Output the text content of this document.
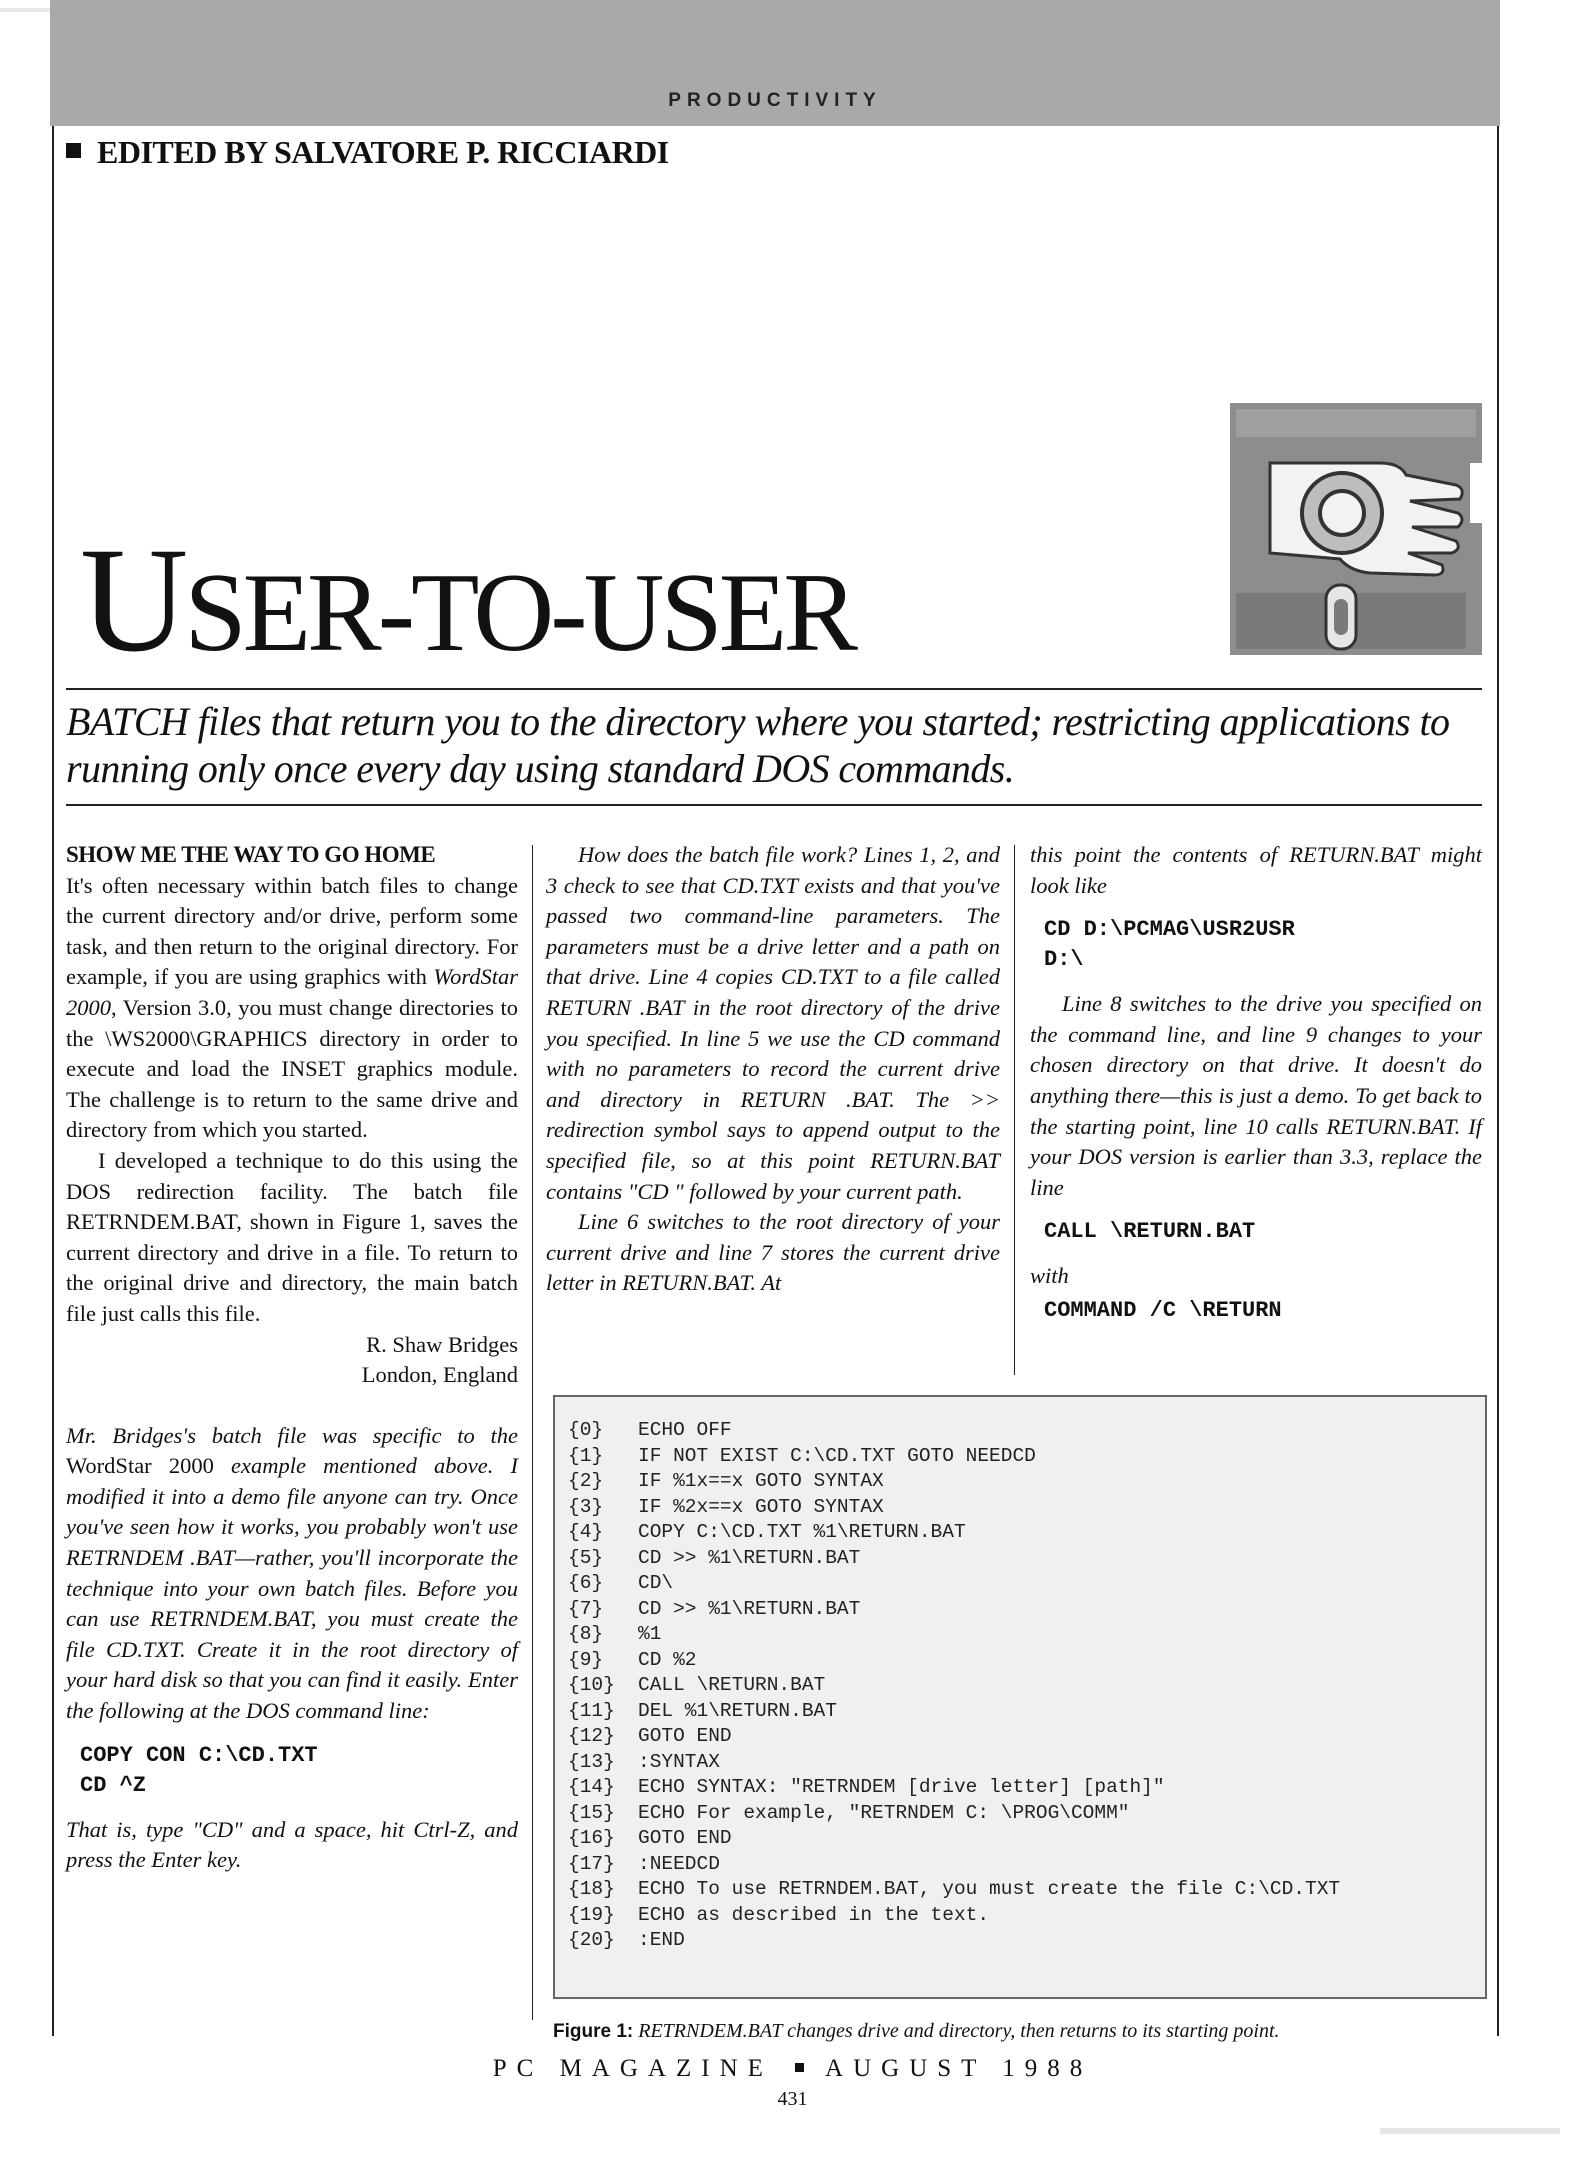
PRODUCTIVITY
EDITED BY SALVATORE P. RICCIARDI
USER-TO-USER
BATCH files that return you to the directory where you started; restricting applications to running only once every day using standard DOS commands.

SHOW ME THE WAY TO GO HOME

It's often necessary within batch files to change the current directory and/or drive, perform some task, and then return to the original directory. For example, if you are using graphics with WordStar 2000, Version 3.0, you must change directories to the \WS2000\GRAPHICS directory in order to execute and load the INSET graphics module. The challenge is to return to the same drive and directory from which you started.

I developed a technique to do this using the DOS redirection facility. The batch file RETRNDEM.BAT, shown in Figure 1, saves the current directory and drive in a file. To return to the original drive and directory, the main batch file just calls this file.

R. Shaw Bridges

London, England

Mr. Bridges's batch file was specific to the WordStar 2000 example mentioned above. I modified it into a demo file anyone can try. Once you've seen how it works, you probably won't use RETRNDEM .BAT—rather, you'll incorporate the technique into your own batch files. Before you can use RETRNDEM.BAT, you must create the file CD.TXT. Create it in the root directory of your hard disk so that you can find it easily. Enter the following at the DOS command line:

COPY CON C:\CD.TXT
CD ^Z

That is, type "CD" and a space, hit Ctrl-Z, and press the Enter key.

How does the batch file work? Lines 1, 2, and 3 check to see that CD.TXT exists and that you've passed two command-line parameters. The parameters must be a drive letter and a path on that drive. Line 4 copies CD.TXT to a file called RETURN .BAT in the root directory of the drive you specified. In line 5 we use the CD command with no parameters to record the current drive and directory in RETURN .BAT. The >> redirection symbol says to append output to the specified file, so at this point RETURN.BAT contains "CD " followed by your current path.

Line 6 switches to the root directory of your current drive and line 7 stores the current drive letter in RETURN.BAT. At

this point the contents of RETURN.BAT might look like

CD D:\PCMAG\USR2USR
D:\

Line 8 switches to the drive you specified on the command line, and line 9 changes to your chosen directory on that drive. It doesn't do anything there—this is just a demo. To get back to the starting point, line 10 calls RETURN.BAT. If your DOS version is earlier than 3.3, replace the line

CALL \RETURN.BAT

with

COMMAND /C \RETURN
{0} ECHO OFF
{1} IF NOT EXIST C:\CD.TXT GOTO NEEDCD
{2} IF %1x==x GOTO SYNTAX
{3} IF %2x==x GOTO SYNTAX
{4} COPY C:\CD.TXT %1\RETURN.BAT
{5} CD >> %1\RETURN.BAT
{6} CD\
{7} CD >> %1\RETURN.BAT
{8} %1
{9} CD %2
{10} CALL \RETURN.BAT
{11} DEL %1\RETURN.BAT
{12} GOTO END
{13} :SYNTAX
{14} ECHO SYNTAX: "RETRNDEM [drive letter] [path]"
{15} ECHO For example, "RETRNDEM C: \PROG\COMM"
{16} GOTO END
{17} :NEEDCD
{18} ECHO To use RETRNDEM.BAT, you must create the file C:\CD.TXT
{19} ECHO as described in the text.
{20} :END
Figure 1: RETRNDEM.BAT changes drive and directory, then returns to its starting point.
PC MAGAZINE AUGUST 1988
431
